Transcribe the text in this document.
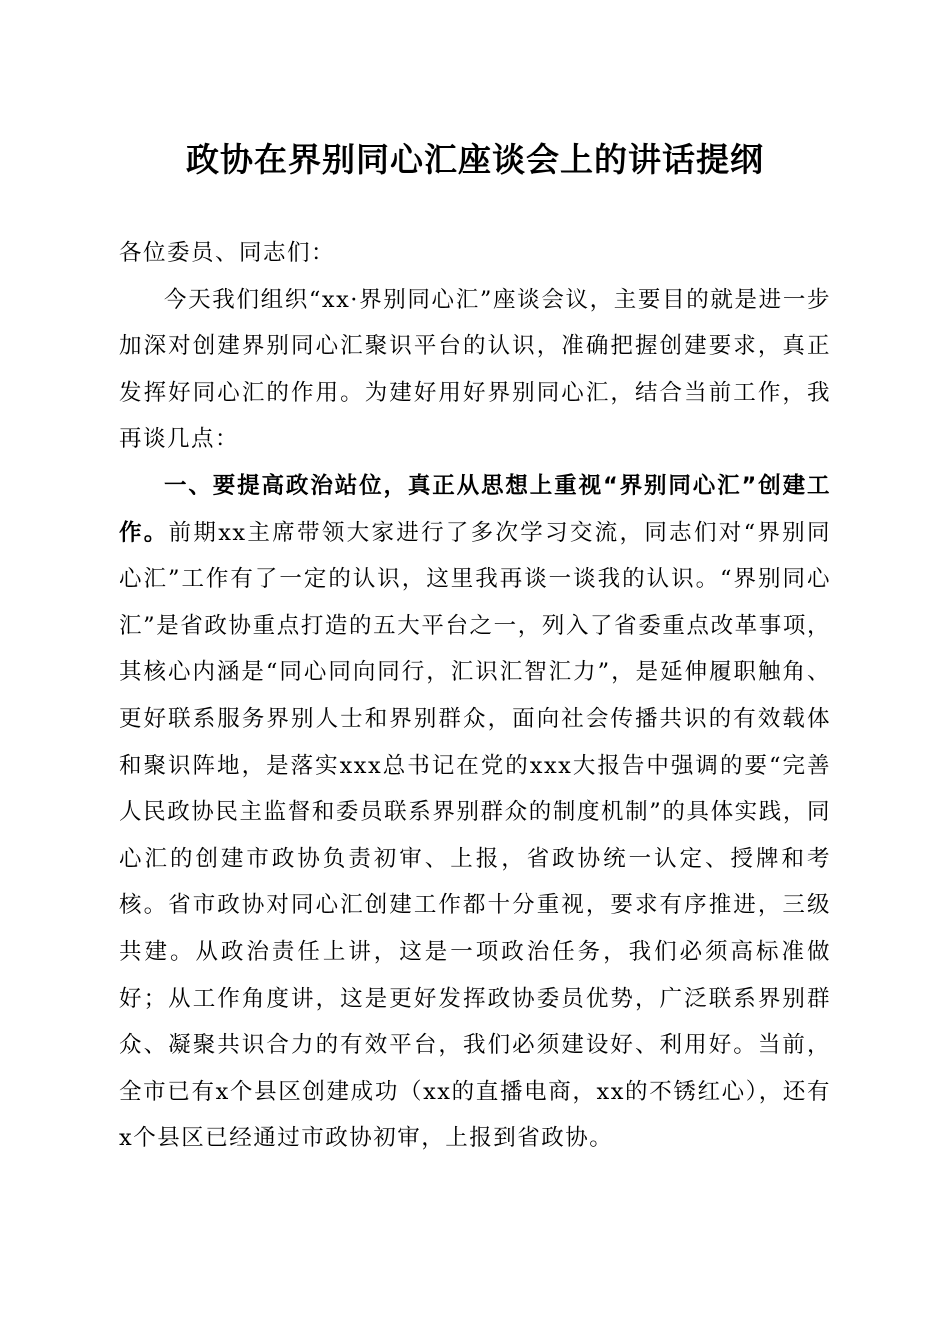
政协在界别同心汇座谈会上的讲话提纲

各位委员、同志们：

今天我们组织“xx·界别同心汇”座谈会议，主要目的就是进一步加深对创建界别同心汇聚识平台的认识，准确把握创建要求，真正发挥好同心汇的作用。为建好用好界别同心汇，结合当前工作，我再谈几点：

一、要提高政治站位，真正从思想上重视“界别同心汇”创建工作。前期xx主席带领大家进行了多次学习交流，同志们对“界别同心汇”工作有了一定的认识，这里我再谈一谈我的认识。“界别同心汇”是省政协重点打造的五大平台之一，列入了省委重点改革事项，其核心内涵是“同心同向同行，汇识汇智汇力”，是延伸履职触角、更好联系服务界别人士和界别群众，面向社会传播共识的有效载体和聚识阵地，是落实xxx总书记在党的xxx大报告中强调的要“完善人民政协民主监督和委员联系界别群众的制度机制”的具体实践，同心汇的创建市政协负责初审、上报，省政协统一认定、授牌和考核。省市政协对同心汇创建工作都十分重视，要求有序推进，三级共建。从政治责任上讲，这是一项政治任务，我们必须高标准做好；从工作角度讲，这是更好发挥政协委员优势，广泛联系界别群众、凝聚共识合力的有效平台，我们必须建设好、利用好。当前，全市已有x个县区创建成功（xx的直播电商，xx的不锈红心），还有x个县区已经通过市政协初审，上报到省政协。
